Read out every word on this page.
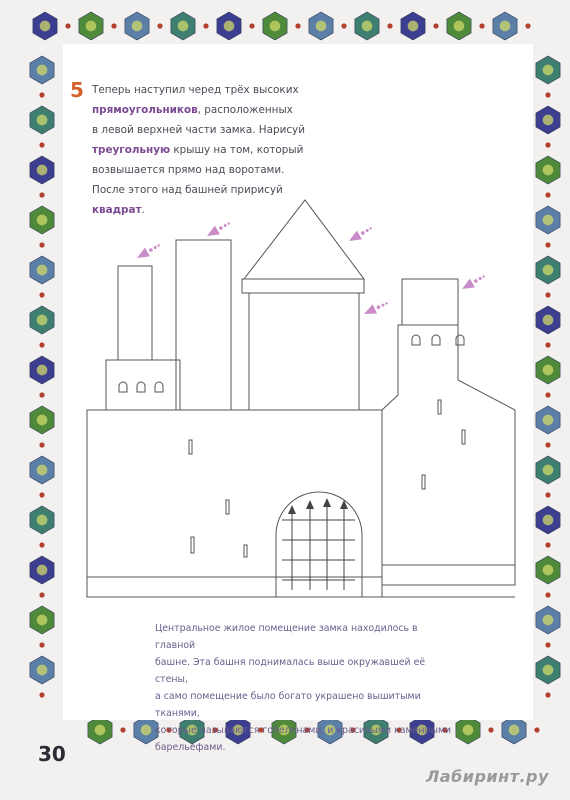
5 Теперь наступил черед трёх высоких
прямоугольников, расположенных
в левой верхней части замка. Нарисуй
треугольную крышу на том, который
возвышается прямо над воротами.
После этого над башней пририсуй
квадрат.
Центральное жилое помещение замка находилось в главной
башне. Эта башня поднималась выше окружавшей её стены,
а само помещение было богато украшено вышитыми тканями,
которые называются гобеленами, и красивыми каменными
барельефами.
30
Лабиринт.ру
